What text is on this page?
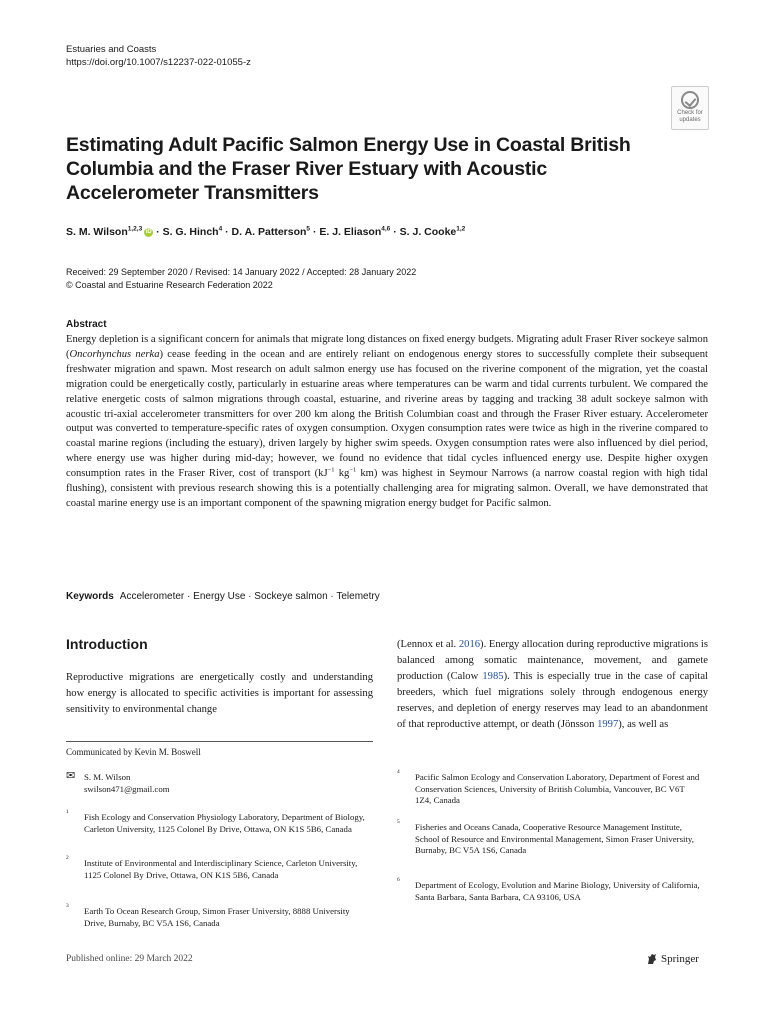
Estuaries and Coasts
https://doi.org/10.1007/s12237-022-01055-z
Check for
updates
Estimating Adult Pacific Salmon Energy Use in Coastal British Columbia and the Fraser River Estuary with Acoustic Accelerometer Transmitters
S. M. Wilson$^{1,2,3}$ iD · S. G. Hinch$^4$ · D. A. Patterson$^5$ · E. J. Eliason$^{4,6}$ · S. J. Cooke$^{1,2}$
Received: 29 September 2020 / Revised: 14 January 2022 / Accepted: 28 January 2022
© Coastal and Estuarine Research Federation 2022
Abstract
Energy depletion is a significant concern for animals that migrate long distances on fixed energy budgets. Migrating adult Fraser River sockeye salmon (Oncorhynchus nerka) cease feeding in the ocean and are entirely reliant on endogenous energy stores to successfully complete their subsequent freshwater migration and spawn. Most research on adult salmon energy use has focused on the riverine component of the migration, yet the coastal migration could be energetically costly, particularly in estuarine areas where temperatures can be warm and tidal currents turbulent. We compared the relative energetic costs of salmon migrations through coastal, estuarine, and riverine areas by tagging and tracking 38 adult sockeye salmon with acoustic tri-axial accelerometer transmitters for over 200 km along the British Columbian coast and through the Fraser River estuary. Accelerometer output was converted to temperature-specific rates of oxygen consumption. Oxygen consumption rates were twice as high in the riverine compared to coastal marine regions (including the estuary), driven largely by higher swim speeds. Oxygen consumption rates were also influenced by diel period, where energy use was higher during mid-day; however, we found no evidence that tidal cycles influenced energy use. Despite higher oxygen consumption rates in the Fraser River, cost of transport ($kJ^{-1}$ $kg^{-1}$ km) was highest in Seymour Narrows (a narrow coastal region with high tidal flushing), consistent with previous research showing this is a potentially challenging area for migrating salmon. Overall, we have demonstrated that coastal marine energy use is an important component of the spawning migration energy budget for Pacific salmon.
Keywords Accelerometer · Energy Use · Sockeye salmon · Telemetry
Introduction
Reproductive migrations are energetically costly and understanding how energy is allocated to specific activities is important for assessing sensitivity to environmental change
(Lennox et al. 2016). Energy allocation during reproductive migrations is balanced among somatic maintenance, movement, and gamete production (Calow 1985). This is especially true in the case of capital breeders, which fuel migrations solely through endogenous energy reserves, and depletion of energy reserves may lead to an abandonment of that reproductive attempt, or death (Jönsson 1997), as well as
Communicated by Kevin M. Boswell
✉ S. M. Wilson
swilson471@gmail.com
1 Fish Ecology and Conservation Physiology Laboratory, Department of Biology, Carleton University, 1125 Colonel By Drive, Ottawa, ON K1S 5B6, Canada
2 Institute of Environmental and Interdisciplinary Science, Carleton University, 1125 Colonel By Drive, Ottawa, ON K1S 5B6, Canada
3 Earth To Ocean Research Group, Simon Fraser University, 8888 University Drive, Burnaby, BC V5A 1S6, Canada
4 Pacific Salmon Ecology and Conservation Laboratory, Department of Forest and Conservation Sciences, University of British Columbia, Vancouver, BC V6T 1Z4, Canada
5 Fisheries and Oceans Canada, Cooperative Resource Management Institute, School of Resource and Environmental Management, Simon Fraser University, Burnaby, BC V5A 1S6, Canada
6 Department of Ecology, Evolution and Marine Biology, University of California, Santa Barbara, Santa Barbara, CA 93106, USA
Published online: 29 March 2022	Springer
